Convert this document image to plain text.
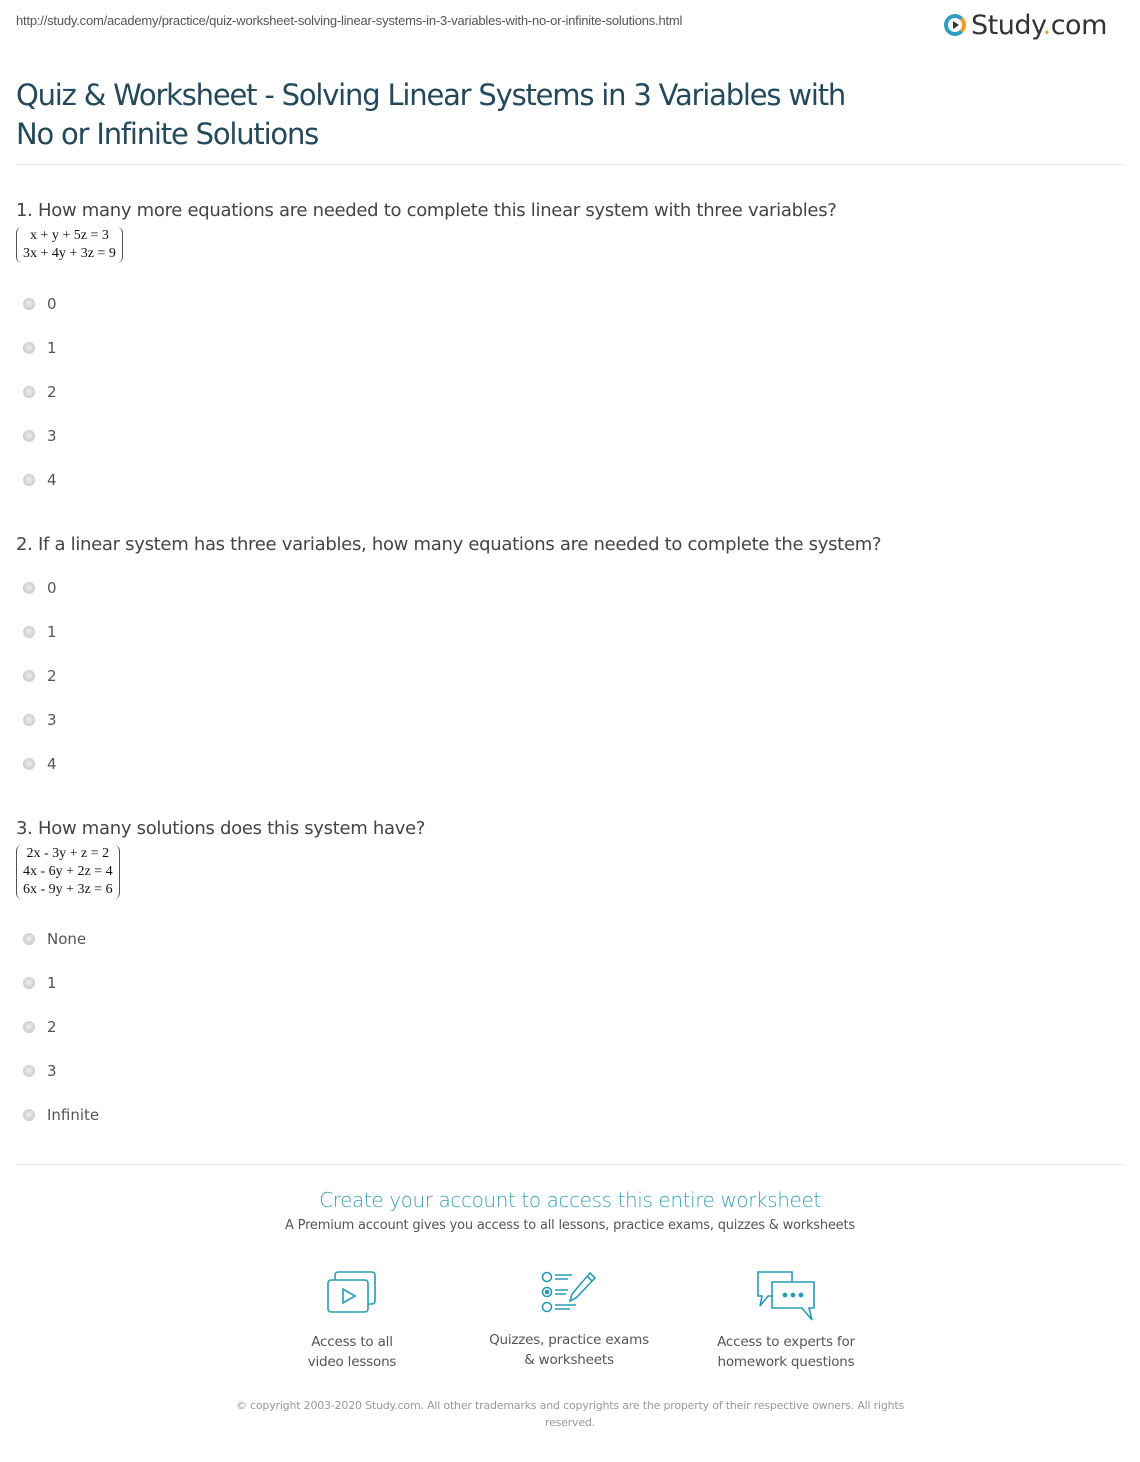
http://study.com/academy/practice/quiz-worksheet-solving-linear-systems-in-3-variables-with-no-or-infinite-solutions.html	Study.com
Quiz & Worksheet - Solving Linear Systems in 3 Variables with No or Infinite Solutions
1. How many more equations are needed to complete this linear system with three variables?
x + y + 5z = 3
3x + 4y + 3z = 9
0
1
2
3
4
2. If a linear system has three variables, how many equations are needed to complete the system?
0
1
2
3
4
3. How many solutions does this system have?
2x - 3y + z = 2
4x - 6y + 2z = 4
6x - 9y + 3z = 6
None
1
2
3
Infinite
Create your account to access this entire worksheet
A Premium account gives you access to all lessons, practice exams, quizzes & worksheets
Access to all
video lessons
Quizzes, practice exams
& worksheets
Access to experts for
homework questions
© copyright 2003-2020 Study.com. All other trademarks and copyrights are the property of their respective owners. All rights reserved.
